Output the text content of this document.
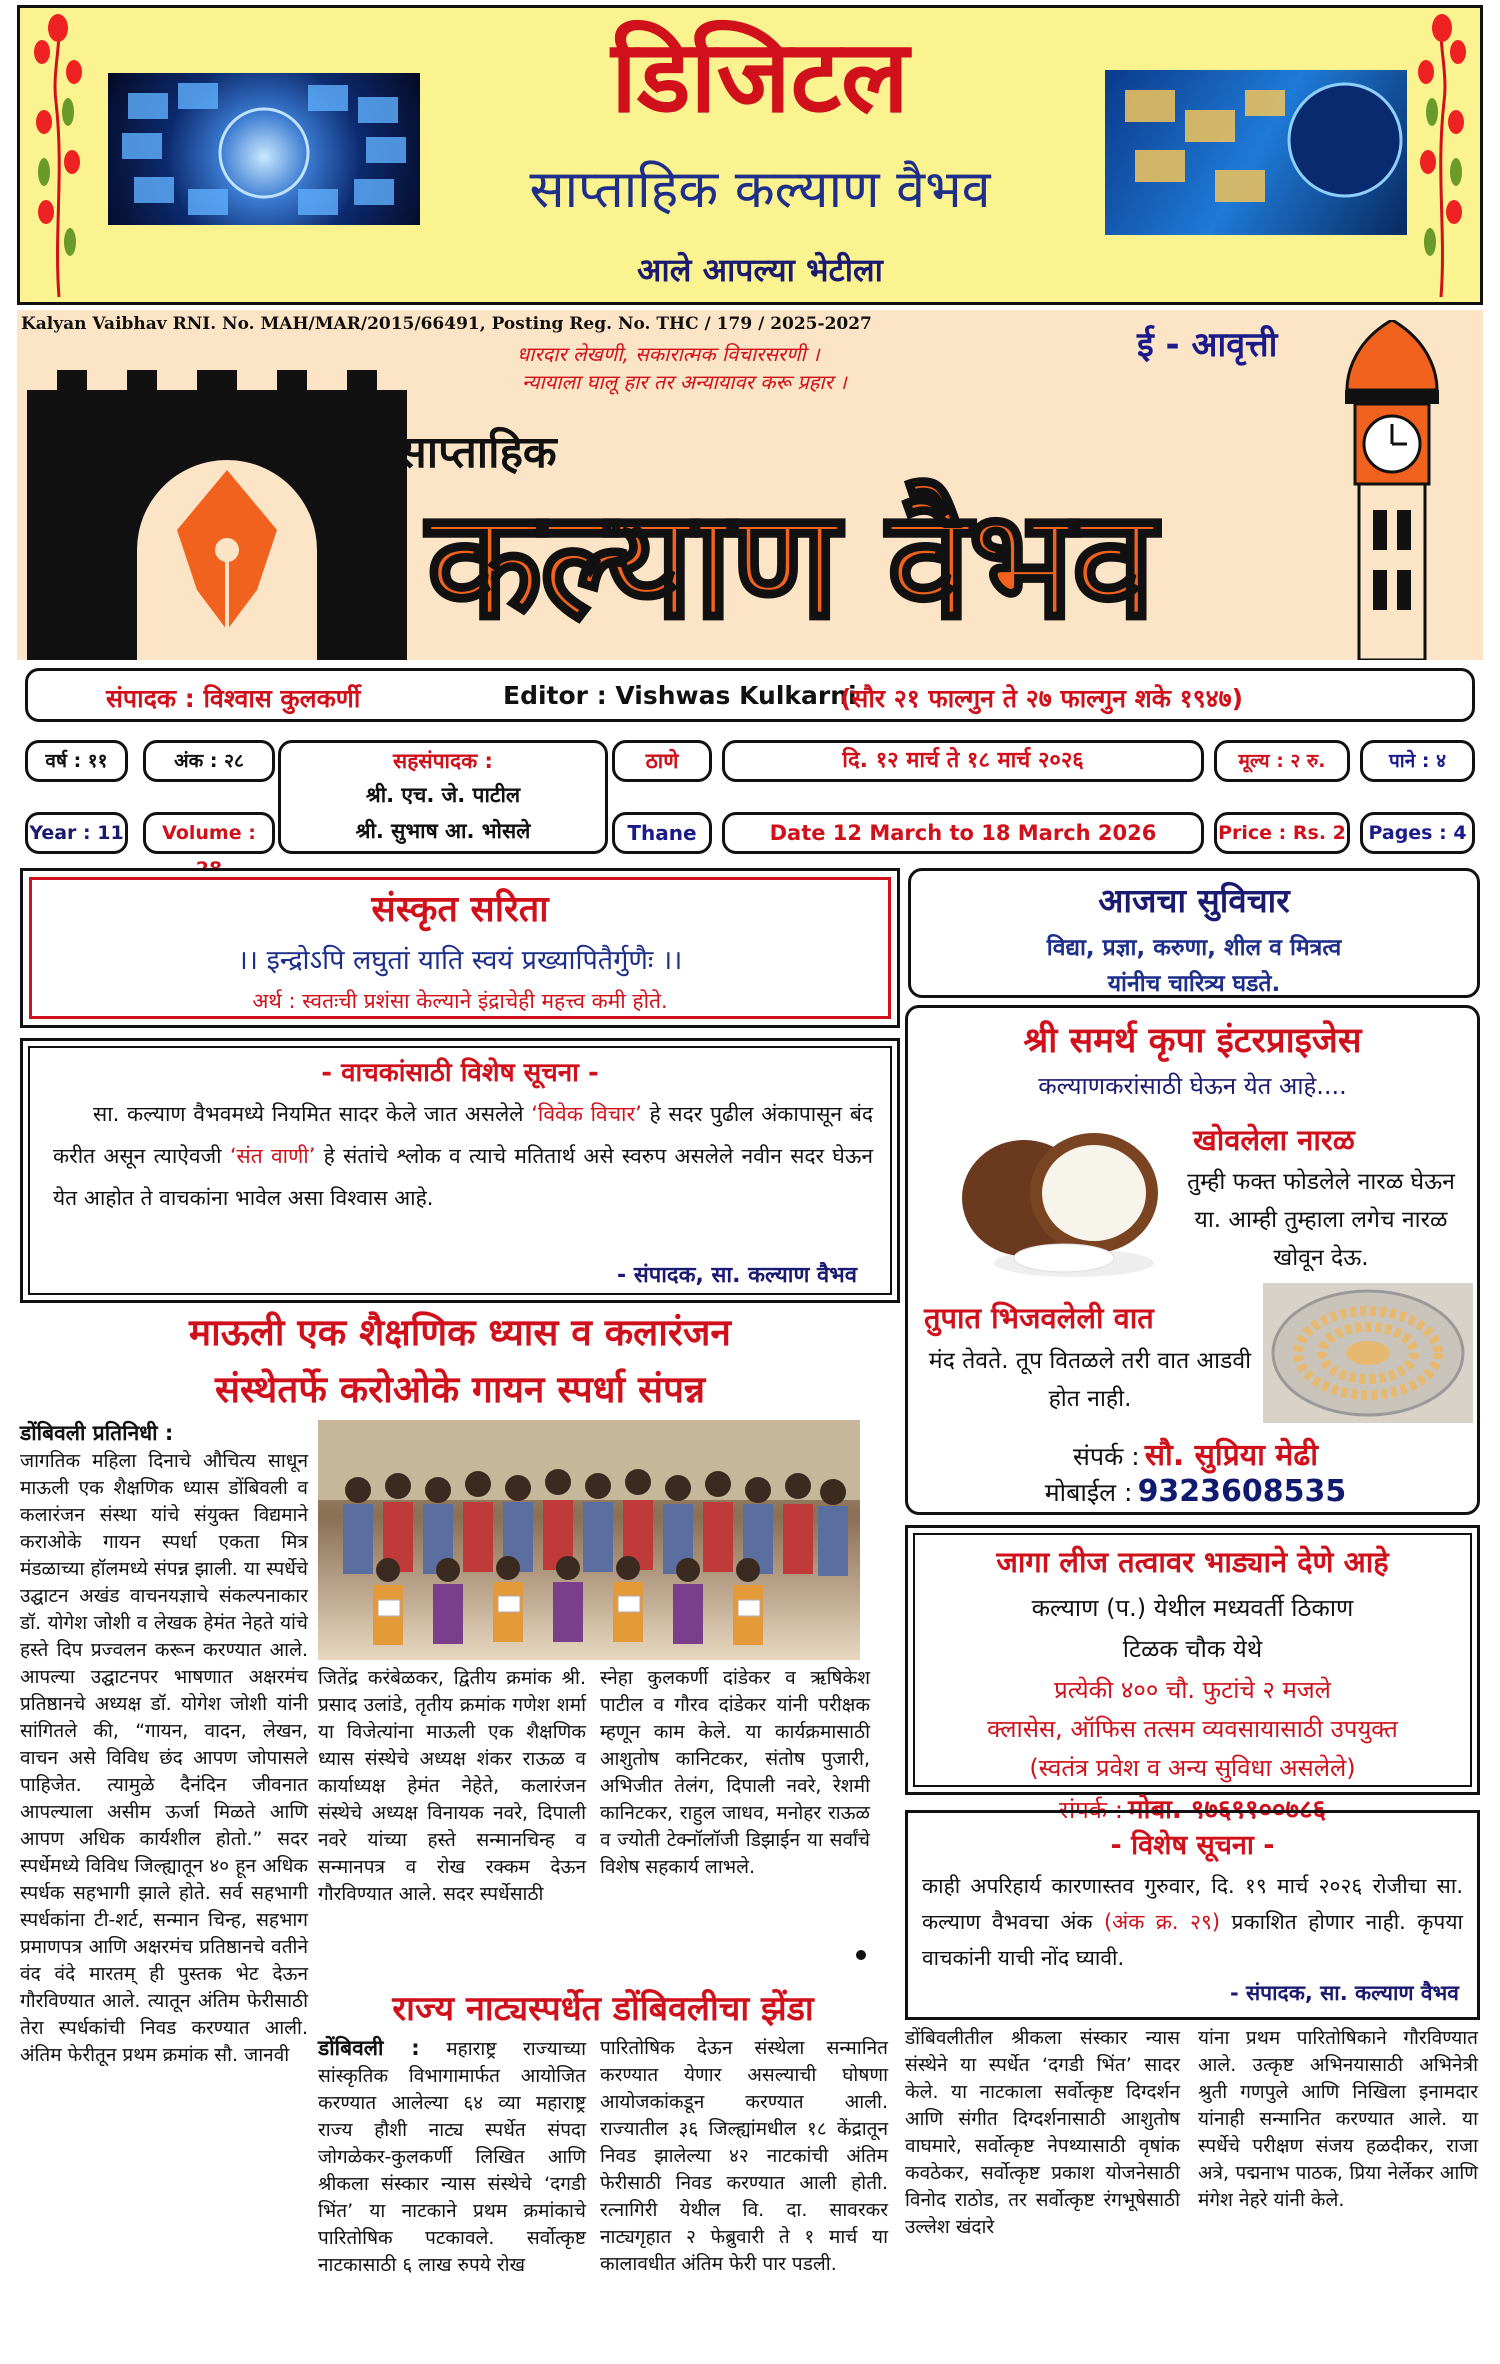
डिजिटल
साप्ताहिक कल्याण वैभव
आले आपल्या भेटीला
Kalyan Vaibhav RNI. No. MAH/MAR/2015/66491, Posting Reg. No. THC / 179 / 2025-2027
धारदार लेखणी, सकारात्मक विचारसरणी ।
न्यायाला घालू हार तर अन्यायावर करू प्रहार ।
ई - आवृत्ती
साप्ताहिक
कल्याण वैभव
संपादक : विश्वास कुलकर्णी	Editor : Vishwas Kulkarni
(सौर २१ फाल्गुन ते २७ फाल्गुन शके १९४७)
वर्ष : ११	अंक : २८	सहसंपादक :
श्री. एच. जे. पाटील
श्री. सुभाष आ. भोसले
ठाणे	दि. १२ मार्च ते १८ मार्च २०२६	मूल्य : २ रु.	पाने : ४
Year : 11	Volume : 28
Thane	Date 12 March to 18 March 2026	Price : Rs. 2	Pages : 4
संस्कृत सरिता
।। इन्द्रोऽपि लघुतां याति स्वयं प्रख्यापितैर्गुणैः ।।
अर्थ : स्वतःची प्रशंसा केल्याने इंद्राचेही महत्त्व कमी होते.
आजचा सुविचार
विद्या, प्रज्ञा, करुणा, शील व मित्रत्व
यांनीच चारित्र्य घडते.
- वाचकांसाठी विशेष सूचना -
सा. कल्याण वैभवमध्ये नियमित सादर केले जात असलेले ‘विवेक विचार’ हे सदर पुढील अंकापासून बंद करीत असून त्याऐवजी ‘संत वाणी’ हे संतांचे श्लोक व त्याचे मतितार्थ असे स्वरुप असलेले नवीन सदर घेऊन येत आहोत ते वाचकांना भावेल असा विश्वास आहे.
- संपादक, सा. कल्याण वैभव
श्री समर्थ कृपा इंटरप्राइजेस
कल्याणकरांसाठी घेऊन येत आहे....
खोवलेला नारळ
तुम्ही फक्त फोडलेले नारळ घेऊन या. आम्ही तुम्हाला लगेच नारळ खोवून देऊ.
तुपात भिजवलेली वात
मंद तेवते. तूप वितळले तरी वात आडवी होत नाही.
संपर्क : सौ. सुप्रिया मेढी
मोबाईल : 9323608535
माऊली एक शैक्षणिक ध्यास व कलारंजन
संस्थेतर्फे करोओके गायन स्पर्धा संपन्न
डोंबिवली प्रतिनिधी :
जागतिक महिला दिनाचे औचित्य साधून माऊली एक शैक्षणिक ध्यास डोंबिवली व कलारंजन संस्था यांचे संयुक्त विद्यमाने कराओके गायन स्पर्धा एकता मित्र मंडळाच्या हॉलमध्ये संपन्न झाली. या स्पर्धेचे उद्घाटन अखंड वाचनयज्ञाचे संकल्पनाकार डॉ. योगेश जोशी व लेखक हेमंत नेहते यांचे हस्ते दिप प्रज्वलन करून करण्यात आले. आपल्या उद्घाटनपर भाषणात अक्षरमंच प्रतिष्ठानचे अध्यक्ष डॉ. योगेश जोशी यांनी सांगितले की, “गायन, वादन, लेखन, वाचन असे विविध छंद आपण जोपासले पाहिजेत. त्यामुळे दैनंदिन जीवनात आपल्याला असीम ऊर्जा मिळते आणि आपण अधिक कार्यशील होतो.” सदर स्पर्धेमध्ये विविध जिल्ह्यातून ४० हून अधिक स्पर्धक सहभागी झाले होते. सर्व सहभागी स्पर्धकांना टी-शर्ट, सन्मान चिन्ह, सहभाग प्रमाणपत्र आणि अक्षरमंच प्रतिष्ठानचे वतीने वंद वंदे मारतम् ही पुस्तक भेट देऊन गौरविण्यात आले. त्यातून अंतिम फेरीसाठी तेरा स्पर्धकांची निवड करण्यात आली. अंतिम फेरीतून प्रथम क्रमांक सौ. जानवी
जितेंद्र करंबेळकर, द्वितीय क्रमांक श्री. प्रसाद उलांडे, तृतीय क्रमांक गणेश शर्मा या विजेत्यांना माऊली एक शैक्षणिक ध्यास संस्थेचे अध्यक्ष शंकर राऊळ व कार्याध्यक्ष हेमंत नेहेते, कलारंजन संस्थेचे अध्यक्ष विनायक नवरे, दिपाली नवरे यांच्या हस्ते सन्मानचिन्ह व सन्मानपत्र व रोख रक्कम देऊन गौरविण्यात आले. सदर स्पर्धेसाठी
स्नेहा कुलकर्णी दांडेकर व ऋषिकेश पाटील व गौरव दांडेकर यांनी परीक्षक म्हणून काम केले. या कार्यक्रमासाठी आशुतोष कानिटकर, संतोष पुजारी, अभिजीत तेलंग, दिपाली नवरे, रेशमी कानिटकर, राहुल जाधव, मनोहर राऊळ व ज्योती टेक्नॉलॉजी डिझाईन या सर्वांचे विशेष सहकार्य लाभले.
जागा लीज तत्वावर भाड्याने देणे आहे
कल्याण (प.) येथील मध्यवर्ती ठिकाण
टिळक चौक येथे
प्रत्येकी ४०० चौ. फुटांचे २ मजले
क्लासेस, ऑफिस तत्सम व्यवसायासाठी उपयुक्त
(स्वतंत्र प्रवेश व अन्य सुविधा असलेले)
संपर्क : मोबा. ९७६९१००७८६
- विशेष सूचना -
काही अपरिहार्य कारणास्तव गुरुवार, दि. १९ मार्च २०२६ रोजीचा सा. कल्याण वैभवचा अंक (अंक क्र. २९) प्रकाशित होणार नाही. कृपया वाचकांनी याची नोंद घ्यावी.
- संपादक, सा. कल्याण वैभव
राज्य नाट्यस्पर्धेत डोंबिवलीचा झेंडा
डोंबिवली : महाराष्ट्र राज्याच्या सांस्कृतिक विभागामार्फत आयोजित करण्यात आलेल्या ६४ व्या महाराष्ट्र राज्य हौशी नाट्य स्पर्धेत संपदा जोगळेकर-कुलकर्णी लिखित आणि श्रीकला संस्कार न्यास संस्थेचे ‘दगडी भिंत’ या नाटकाने प्रथम क्रमांकाचे पारितोषिक पटकावले. सर्वोत्कृष्ट नाटकासाठी ६ लाख रुपये रोख
पारितोषिक देऊन संस्थेला सन्मानित करण्यात येणार असल्याची घोषणा आयोजकांकडून करण्यात आली. राज्यातील ३६ जिल्ह्यांमधील १८ केंद्रातून निवड झालेल्या ४२ नाटकांची अंतिम फेरीसाठी निवड करण्यात आली होती. रत्नागिरी येथील वि. दा. सावरकर नाट्यगृहात २ फेब्रुवारी ते १ मार्च या कालावधीत अंतिम फेरी पार पडली.
डोंबिवलीतील श्रीकला संस्कार न्यास संस्थेने या स्पर्धेत ‘दगडी भिंत’ सादर केले. या नाटकाला सर्वोत्कृष्ट दिग्दर्शन आणि संगीत दिग्दर्शनासाठी आशुतोष वाघमारे, सर्वोत्कृष्ट नेपथ्यासाठी वृषांक कवठेकर, सर्वोत्कृष्ट प्रकाश योजनेसाठी विनोद राठोड, तर सर्वोत्कृष्ट रंगभूषेसाठी उल्लेश खंदारे
यांना प्रथम पारितोषिकाने गौरविण्यात आले. उत्कृष्ट अभिनयासाठी अभिनेत्री श्रुती गणपुले आणि निखिला इनामदार यांनाही सन्मानित करण्यात आले. या स्पर्धेचे परीक्षण संजय हळदीकर, राजा अत्रे, पद्मनाभ पाठक, प्रिया नेर्लेकर आणि मंगेश नेहरे यांनी केले.
